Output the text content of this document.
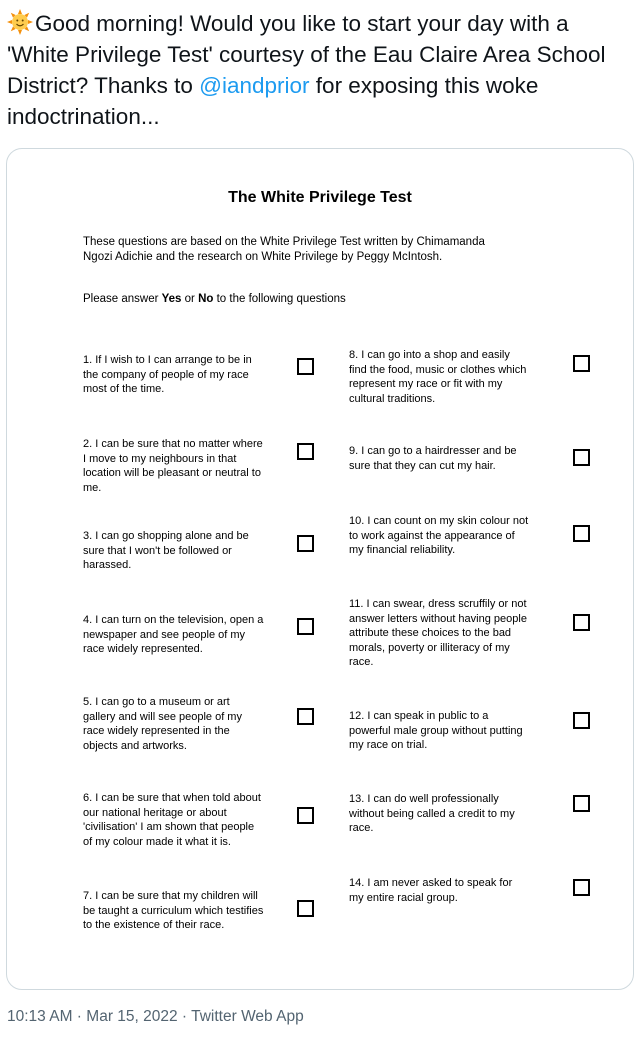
Good morning! Would you like to start your day with a 'White Privilege Test' courtesy of the Eau Claire Area School District? Thanks to @iandprior for exposing this woke indoctrination...
The White Privilege Test
These questions are based on the White Privilege Test written by Chimamanda
Ngozi Adichie and the research on White Privilege by Peggy McIntosh.
Please answer Yes or No to the following questions
1. If I wish to I can arrange to be in
the company of people of my race
most of the time.
2. I can be sure that no matter where
I move to my neighbours in that
location will be pleasant or neutral to
me.
3. I can go shopping alone and be
sure that I won't be followed or
harassed.
4. I can turn on the television, open a
newspaper and see people of my
race widely represented.
5. I can go to a museum or art
gallery and will see people of my
race widely represented in the
objects and artworks.
6. I can be sure that when told about
our national heritage or about
'civilisation' I am shown that people
of my colour made it what it is.
7. I can be sure that my children will
be taught a curriculum which testifies
to the existence of their race.
8. I can go into a shop and easily
find the food, music or clothes which
represent my race or fit with my
cultural traditions.
9. I can go to a hairdresser and be
sure that they can cut my hair.
10. I can count on my skin colour not
to work against the appearance of
my financial reliability.
11. I can swear, dress scruffily or not
answer letters without having people
attribute these choices to the bad
morals, poverty or illiteracy of my
race.
12. I can speak in public to a
powerful male group without putting
my race on trial.
13. I can do well professionally
without being called a credit to my
race.
14. I am never asked to speak for
my entire racial group.
10:13 AM · Mar 15, 2022 · Twitter Web App
